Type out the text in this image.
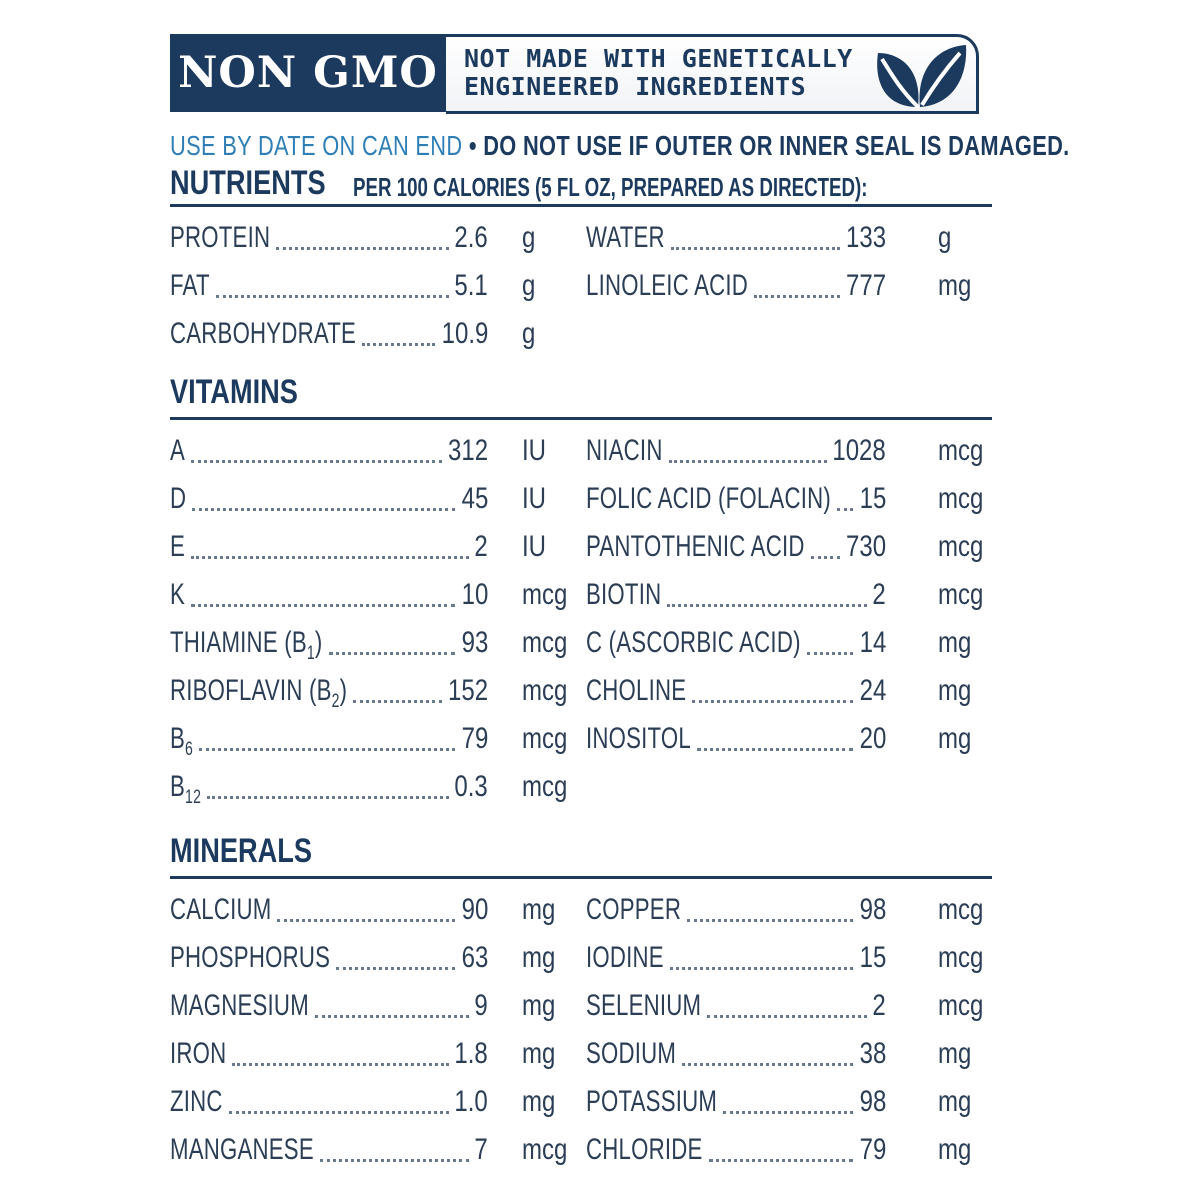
NON GMO	NOT MADE WITH GENETICALLY
ENGINEERED INGREDIENTS
USE BY DATE ON CAN END • DO NOT USE IF OUTER OR INNER SEAL IS DAMAGED.
NUTRIENTS PER 100 CALORIES (5 FL OZ, PREPARED AS DIRECTED):
PROTEIN	2.6 g
FAT	5.1 g
CARBOHYDRATE	10.9 g
WATER	133 g
LINOLEIC ACID	777 mg
VITAMINS
A	312 IU
D	45 IU
E	2 IU
K	10 mcg
THIAMINE $(B_1)$	93 mcg
RIBOFLAVIN $(B_2)$	152 mcg
$B_6$	79 mcg
$B_{12}$	0.3 mcg
NIACIN	1028 mcg
FOLIC ACID (FOLACIN) 15 mcg
PANTOTHENIC ACID 730 mcg
BIOTIN	2 mcg
C (ASCORBIC ACID) 14 mg
CHOLINE	24 mg
INOSITOL	20 mg
MINERALS
CALCIUM	90 mg
PHOSPHORUS	63 mg
MAGNESIUM	9 mg
IRON	1.8 mg
ZINC	1.0 mg
MANGANESE	7 mcg
COPPER	98 mcg
IODINE	15 mcg
SELENIUM	2 mcg
SODIUM	38 mg
POTASSIUM	98 mg
CHLORIDE	79 mg
